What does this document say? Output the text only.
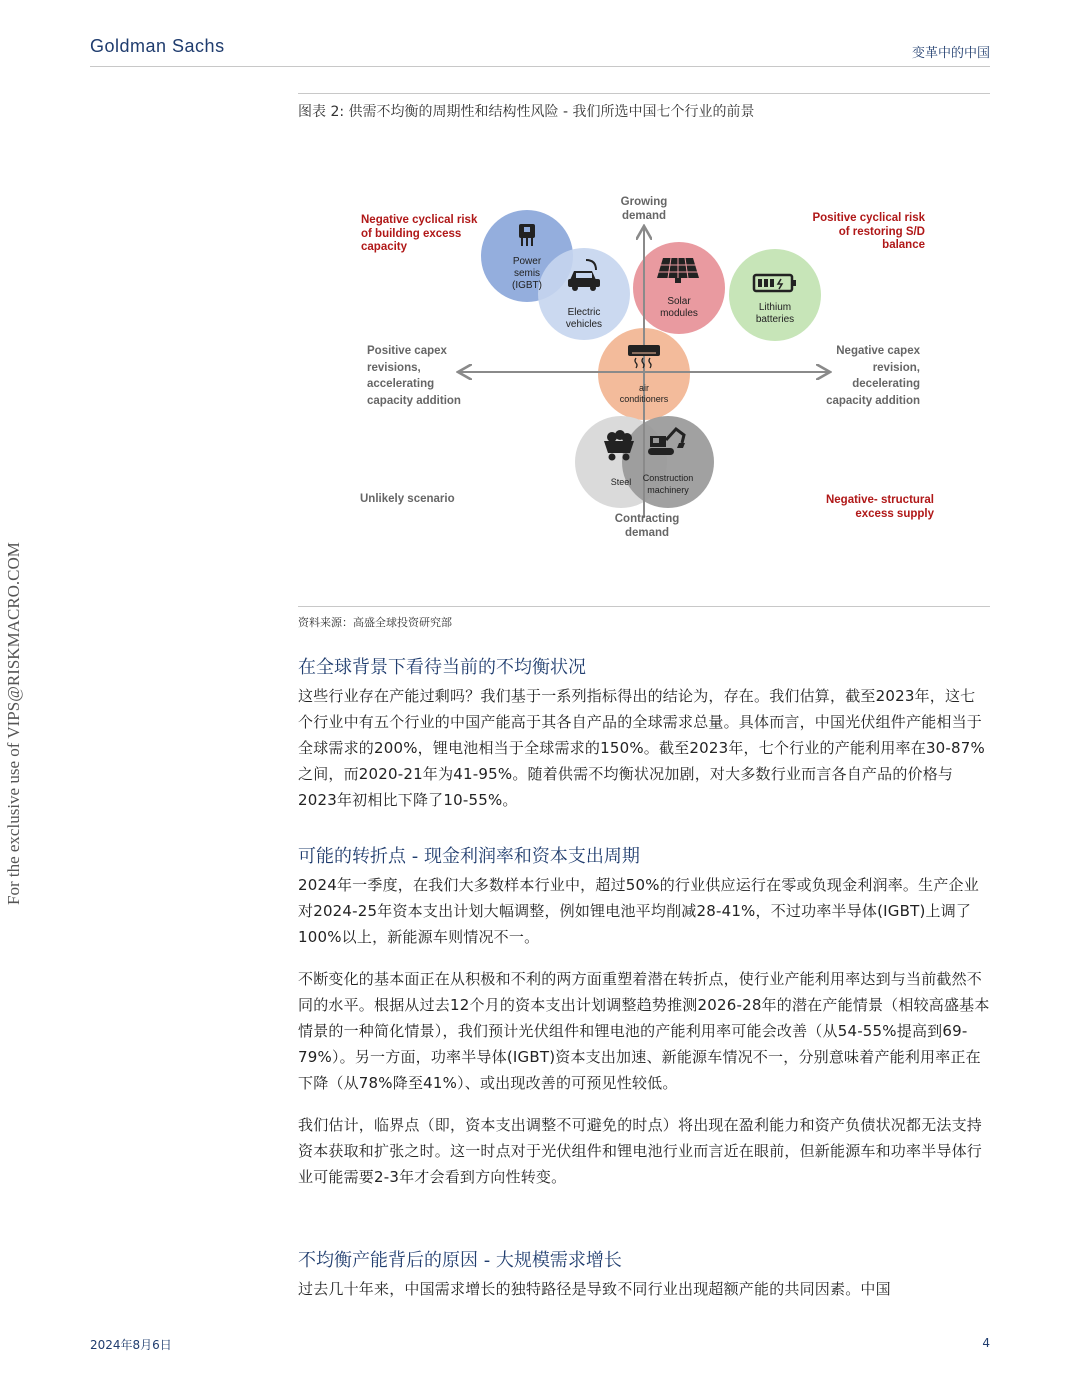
Goldman Sachs	变革中的中国
For the exclusive use of VIPS@RISKMACRO.COM
图表 2: 供需不均衡的周期性和结构性风险 - 我们所选中国七个行业的前景
Power
semis
(IGBT)
Electric
vehicles
Solar
modules
Lithium
batteries
air
conditioners
Steel	Construction
machinery
Growing
demand
Contracting
demand
Positive capex
revisions,
accelerating
capacity addition
Negative capex
revision,
decelerating
capacity addition
Negative cyclical risk
of building excess
capacity
Positive cyclical risk
of restoring S/D
balance
Unlikely scenario	Negative- structural
excess supply
资料来源：高盛全球投资研究部
在全球背景下看待当前的不均衡状况

这些行业存在产能过剩吗？我们基于一系列指标得出的结论为，存在。我们估算，截至2023年，这七个行业中有五个行业的中国产能高于其各自产品的全球需求总量。具体而言，中国光伏组件产能相当于全球需求的200%，锂电池相当于全球需求的150%。截至2023年，七个行业的产能利用率在30-87%之间，而2020-21年为41-95%。随着供需不均衡状况加剧，对大多数行业而言各自产品的价格与2023年初相比下降了10-55%。

可能的转折点 - 现金利润率和资本支出周期

2024年一季度，在我们大多数样本行业中，超过50%的行业供应运行在零或负现金利润率。生产企业对2024-25年资本支出计划大幅调整，例如锂电池平均削减28-41%，不过功率半导体(IGBT)上调了100%以上，新能源车则情况不一。

不断变化的基本面正在从积极和不利的两方面重塑着潜在转折点，使行业产能利用率达到与当前截然不同的水平。根据从过去12个月的资本支出计划调整趋势推测2026-28年的潜在产能情景（相较高盛基本情景的一种简化情景），我们预计光伏组件和锂电池的产能利用率可能会改善（从54-55%提高到69-79%）。另一方面，功率半导体(IGBT)资本支出加速、新能源车情况不一，分别意味着产能利用率正在下降（从78%降至41%）、或出现改善的可预见性较低。

我们估计，临界点（即，资本支出调整不可避免的时点）将出现在盈利能力和资产负债状况都无法支持资本获取和扩张之时。这一时点对于光伏组件和锂电池行业而言近在眼前，但新能源车和功率半导体行业可能需要2-3年才会看到方向性转变。

不均衡产能背后的原因 - 大规模需求增长

过去几十年来，中国需求增长的独特路径是导致不同行业出现超额产能的共同因素。中国

2024年8月6日	4
